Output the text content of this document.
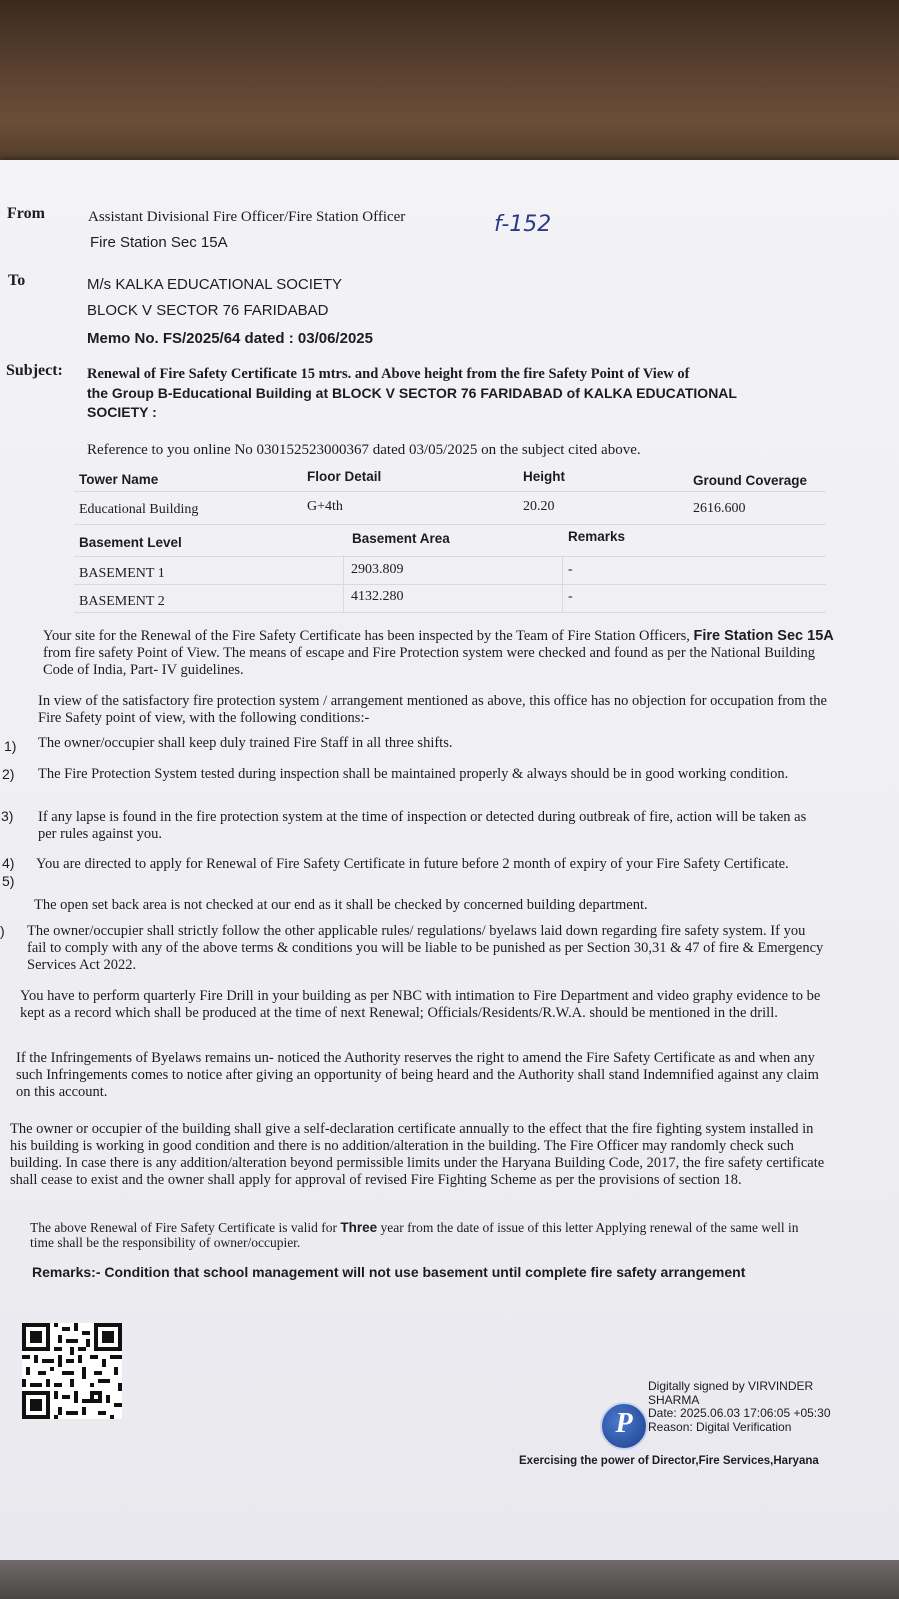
From	Assistant Divisional Fire Officer/Fire Station Officer
Fire Station Sec 15A
f-152
To	M/s KALKA EDUCATIONAL SOCIETY
BLOCK V SECTOR 76 FARIDABAD
Memo No. FS/2025/64 dated : 03/06/2025
Subject: Renewal of Fire Safety Certificate 15 mtrs. and Above height from the fire Safety Point of View of
the Group B-Educational Building at BLOCK V SECTOR 76 FARIDABAD of KALKA EDUCATIONAL
SOCIETY :
Reference to you online No 030152523000367 dated 03/05/2025 on the subject cited above.
Tower Name	Floor Detail	Height	Ground Coverage
Educational Building	G+4th	20.20	2616.600
Basement Level	Basement Area	Remarks
BASEMENT 1	2903.809	-
BASEMENT 2	4132.280	-
Your site for the Renewal of the Fire Safety Certificate has been inspected by the Team of Fire Station Officers, Fire Station Sec 15A from fire safety Point of View. The means of escape and Fire Protection system were checked and found as per the National Building Code of India, Part- IV guidelines.
In view of the satisfactory fire protection system / arrangement mentioned as above, this office has no objection for occupation from the Fire Safety point of view, with the following conditions:-
1) The owner/occupier shall keep duly trained Fire Staff in all three shifts.
2) The Fire Protection System tested during inspection shall be maintained properly & always should be in good working condition.
3) If any lapse is found in the fire protection system at the time of inspection or detected during outbreak of fire, action will be taken as per rules against you.
4) You are directed to apply for Renewal of Fire Safety Certificate in future before 2 month of expiry of your Fire Safety Certificate.
5)
The open set back area is not checked at our end as it shall be checked by concerned building department.
) The owner/occupier shall strictly follow the other applicable rules/ regulations/ byelaws laid down regarding fire safety system. If you fail to comply with any of the above terms & conditions you will be liable to be punished as per Section 30,31 & 47 of fire & Emergency Services Act 2022.
You have to perform quarterly Fire Drill in your building as per NBC with intimation to Fire Department and video graphy evidence to be kept as a record which shall be produced at the time of next Renewal; Officials/Residents/R.W.A. should be mentioned in the drill.
If the Infringements of Byelaws remains un- noticed the Authority reserves the right to amend the Fire Safety Certificate as and when any such Infringements comes to notice after giving an opportunity of being heard and the Authority shall stand Indemnified against any claim on this account.
The owner or occupier of the building shall give a self-declaration certificate annually to the effect that the fire fighting system installed in his building is working in good condition and there is no addition/alteration in the building. The Fire Officer may randomly check such building. In case there is any addition/alteration beyond permissible limits under the Haryana Building Code, 2017, the fire safety certificate shall cease to exist and the owner shall apply for approval of revised Fire Fighting Scheme as per the provisions of section 18.
The above Renewal of Fire Safety Certificate is valid for Three year from the date of issue of this letter Applying renewal of the same well in time shall be the responsibility of owner/occupier.
Remarks:- Condition that school management will not use basement until complete fire safety arrangement
P
Digitally signed by VIRVINDER
SHARMA
Date: 2025.06.03 17:06:05 +05:30
Reason: Digital Verification
Exercising the power of Director,Fire Services,Haryana
